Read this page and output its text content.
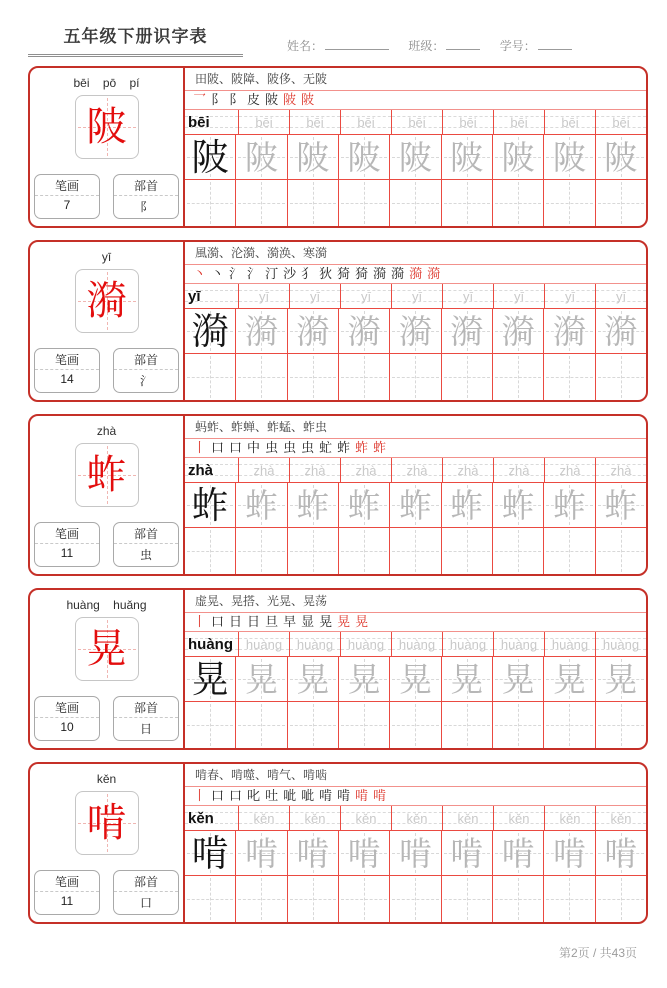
五年级下册识字表	姓名：	班级：	学号：
bēi pō pí
陂
笔画
7
部首
阝
田陂、陂障、陂侈、无陂
乛 阝 阝 皮 陂 陂 陂
bēi	bēi	bēi	bēi	bēi	bēi	bēi	bēi	bēi
陂 陂 陂 陂 陂 陂 陂 陂 陂
yī
漪
笔画
14
部首
氵
風漪、沦漪、漪涣、寒漪
丶 丶 氵 氵 汀 沙 犭 狄 猗 猗 漪 漪 漪 漪
yī	yī	yī	yī	yī	yī	yī	yī	yī
漪 漪 漪 漪 漪 漪 漪 漪 漪
zhà
蚱
笔画
11
部首
虫
蚂蚱、蚱蝉、蚱蜢、蚱虫
丨 口 口 中 虫 虫 虫 虻 蚱 蚱 蚱
zhà	zhà zhà zhà zhà zhà zhà zhà zhà
蚱 蚱 蚱 蚱 蚱 蚱 蚱 蚱 蚱
huàng huǎng
晃
笔画
10
部首
日
虚晃、晃搭、光晃、晃荡
丨 口 日 日 旦 早 显 晃 晃 晃
huàng huàng huàng huàng huàng huàng huàng huàng huàng
晃 晃 晃 晃 晃 晃 晃 晃 晃
kěn
啃
笔画
11
部首
口
啃春、啃噬、啃气、啃啮
丨 口 口 叱 吐 呲 呲 啃 啃 啃 啃
kěn	kěn kěn kěn kěn kěn kěn kěn kěn
啃 啃 啃 啃 啃 啃 啃 啃 啃
第2页 / 共43页
